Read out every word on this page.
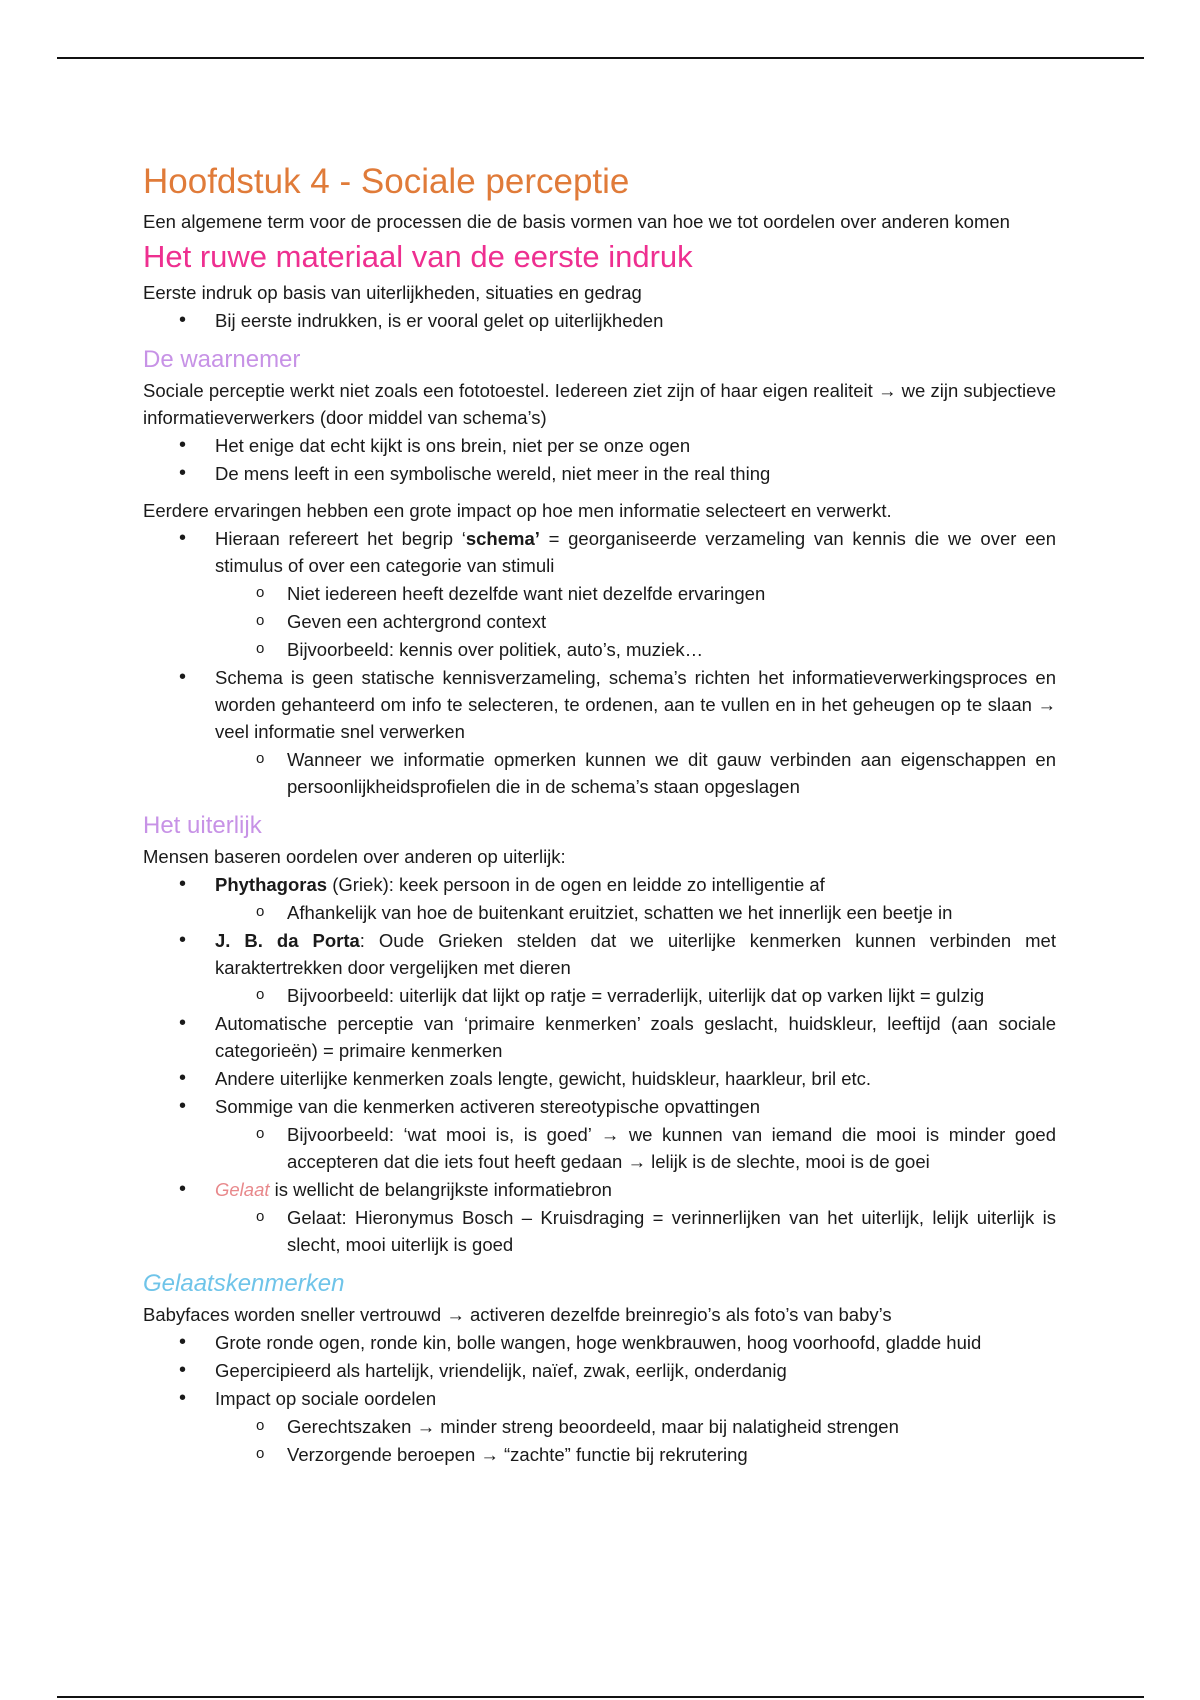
Hoofdstuk 4 - Sociale perceptie

Een algemene term voor de processen die de basis vormen van hoe we tot oordelen over anderen komen

Het ruwe materiaal van de eerste indruk

Eerste indruk op basis van uiterlijkheden, situaties en gedrag

• Bij eerste indrukken, is er vooral gelet op uiterlijkheden
De waarnemer

Sociale perceptie werkt niet zoals een fototoestel. Iedereen ziet zijn of haar eigen realiteit → we zijn subjectieve informatieverwerkers (door middel van schema’s)

• Het enige dat echt kijkt is ons brein, niet per se onze ogen
• De mens leeft in een symbolische wereld, niet meer in the real thing

Eerdere ervaringen hebben een grote impact op hoe men informatie selecteert en verwerkt.

• Hieraan refereert het begrip ‘schema’ = georganiseerde verzameling van kennis die we over een stimulus of over een categorie van stimuli
o Niet iedereen heeft dezelfde want niet dezelfde ervaringen
o Geven een achtergrond context
o Bijvoorbeeld: kennis over politiek, auto’s, muziek…
• Schema is geen statische kennisverzameling, schema’s richten het informatieverwerkingsproces en worden gehanteerd om info te selecteren, te ordenen, aan te vullen en in het geheugen op te slaan → veel informatie snel verwerken
o Wanneer we informatie opmerken kunnen we dit gauw verbinden aan eigenschappen en persoonlijkheidsprofielen die in de schema’s staan opgeslagen
Het uiterlijk

Mensen baseren oordelen over anderen op uiterlijk:

• Phythagoras (Griek): keek persoon in de ogen en leidde zo intelligentie af
o Afhankelijk van hoe de buitenkant eruitziet, schatten we het innerlijk een beetje in
• J. B. da Porta: Oude Grieken stelden dat we uiterlijke kenmerken kunnen verbinden met karaktertrekken door vergelijken met dieren
o Bijvoorbeeld: uiterlijk dat lijkt op ratje = verraderlijk, uiterlijk dat op varken lijkt = gulzig
• Automatische perceptie van ‘primaire kenmerken’ zoals geslacht, huidskleur, leeftijd (aan sociale categorieën) = primaire kenmerken
• Andere uiterlijke kenmerken zoals lengte, gewicht, huidskleur, haarkleur, bril etc.
• Sommige van die kenmerken activeren stereotypische opvattingen
o Bijvoorbeeld: ‘wat mooi is, is goed’ → we kunnen van iemand die mooi is minder goed accepteren dat die iets fout heeft gedaan → lelijk is de slechte, mooi is de goei
• Gelaat is wellicht de belangrijkste informatiebron
o Gelaat: Hieronymus Bosch – Kruisdraging = verinnerlijken van het uiterlijk, lelijk uiterlijk is slecht, mooi uiterlijk is goed
Gelaatskenmerken

Babyfaces worden sneller vertrouwd → activeren dezelfde breinregio’s als foto’s van baby’s

• Grote ronde ogen, ronde kin, bolle wangen, hoge wenkbrauwen, hoog voorhoofd, gladde huid
• Gepercipieerd als hartelijk, vriendelijk, naïef, zwak, eerlijk, onderdanig
• Impact op sociale oordelen
o Gerechtszaken → minder streng beoordeeld, maar bij nalatigheid strengen
o Verzorgende beroepen → “zachte” functie bij rekrutering
